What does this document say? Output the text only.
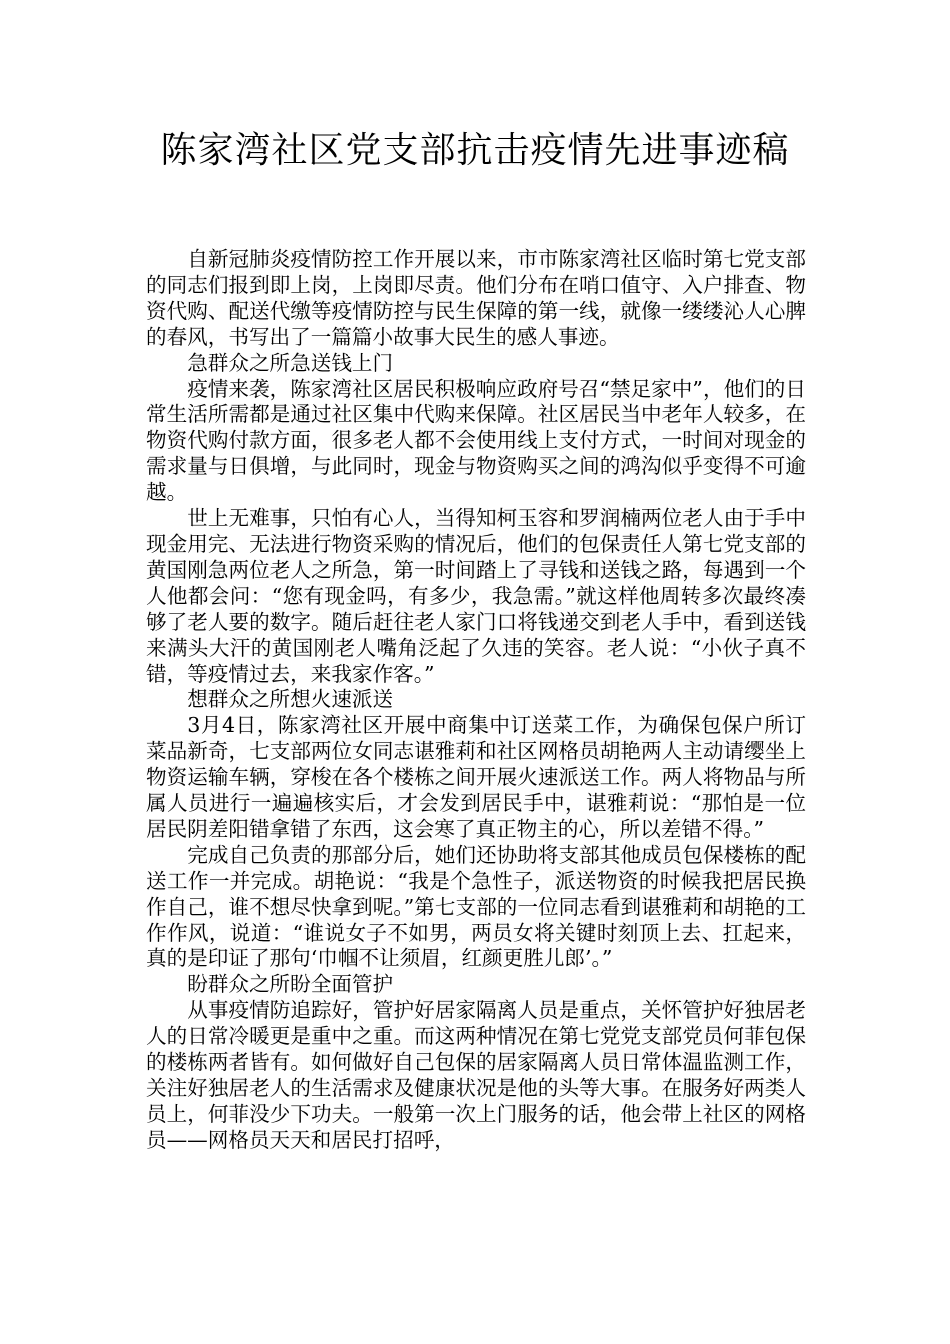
陈家湾社区党支部抗击疫情先进事迹稿

自新冠肺炎疫情防控工作开展以来，市市陈家湾社区临时第七党支部的同志们报到即上岗，上岗即尽责。他们分布在哨口值守、入户排查、物资代购、配送代缴等疫情防控与民生保障的第一线，就像一缕缕沁人心脾的春风，书写出了一篇篇小故事大民生的感人事迹。

急群众之所急送钱上门

疫情来袭，陈家湾社区居民积极响应政府号召“禁足家中”，他们的日常生活所需都是通过社区集中代购来保障。社区居民当中老年人较多，在物资代购付款方面，很多老人都不会使用线上支付方式，一时间对现金的需求量与日俱增，与此同时，现金与物资购买之间的鸿沟似乎变得不可逾越。

世上无难事，只怕有心人，当得知柯玉容和罗润楠两位老人由于手中现金用完、无法进行物资采购的情况后，他们的包保责任人第七党支部的黄国刚急两位老人之所急，第一时间踏上了寻钱和送钱之路，每遇到一个人他都会问：“您有现金吗，有多少，我急需。”就这样他周转多次最终凑够了老人要的数字。随后赶往老人家门口将钱递交到老人手中，看到送钱来满头大汗的黄国刚老人嘴角泛起了久违的笑容。老人说：“小伙子真不错，等疫情过去，来我家作客。”

想群众之所想火速派送

3月4日，陈家湾社区开展中商集中订送菜工作，为确保包保户所订菜品新奇，七支部两位女同志谌雅莉和社区网格员胡艳两人主动请缨坐上物资运输车辆，穿梭在各个楼栋之间开展火速派送工作。两人将物品与所属人员进行一遍遍核实后，才会发到居民手中，谌雅莉说：“那怕是一位居民阴差阳错拿错了东西，这会寒了真正物主的心，所以差错不得。”

完成自己负责的那部分后，她们还协助将支部其他成员包保楼栋的配送工作一并完成。胡艳说：“我是个急性子，派送物资的时候我把居民换作自己，谁不想尽快拿到呢。”第七支部的一位同志看到谌雅莉和胡艳的工作作风，说道：“谁说女子不如男，两员女将关键时刻顶上去、扛起来，真的是印证了那句‘巾帼不让须眉，红颜更胜儿郎’。”

盼群众之所盼全面管护

从事疫情防追踪好，管护好居家隔离人员是重点，关怀管护好独居老人的日常冷暖更是重中之重。而这两种情况在第七党党支部党员何菲包保的楼栋两者皆有。如何做好自己包保的居家隔离人员日常体温监测工作，关注好独居老人的生活需求及健康状况是他的头等大事。在服务好两类人员上，何菲没少下功夫。一般第一次上门服务的话，他会带上社区的网格员——网格员天天和居民打招呼，
